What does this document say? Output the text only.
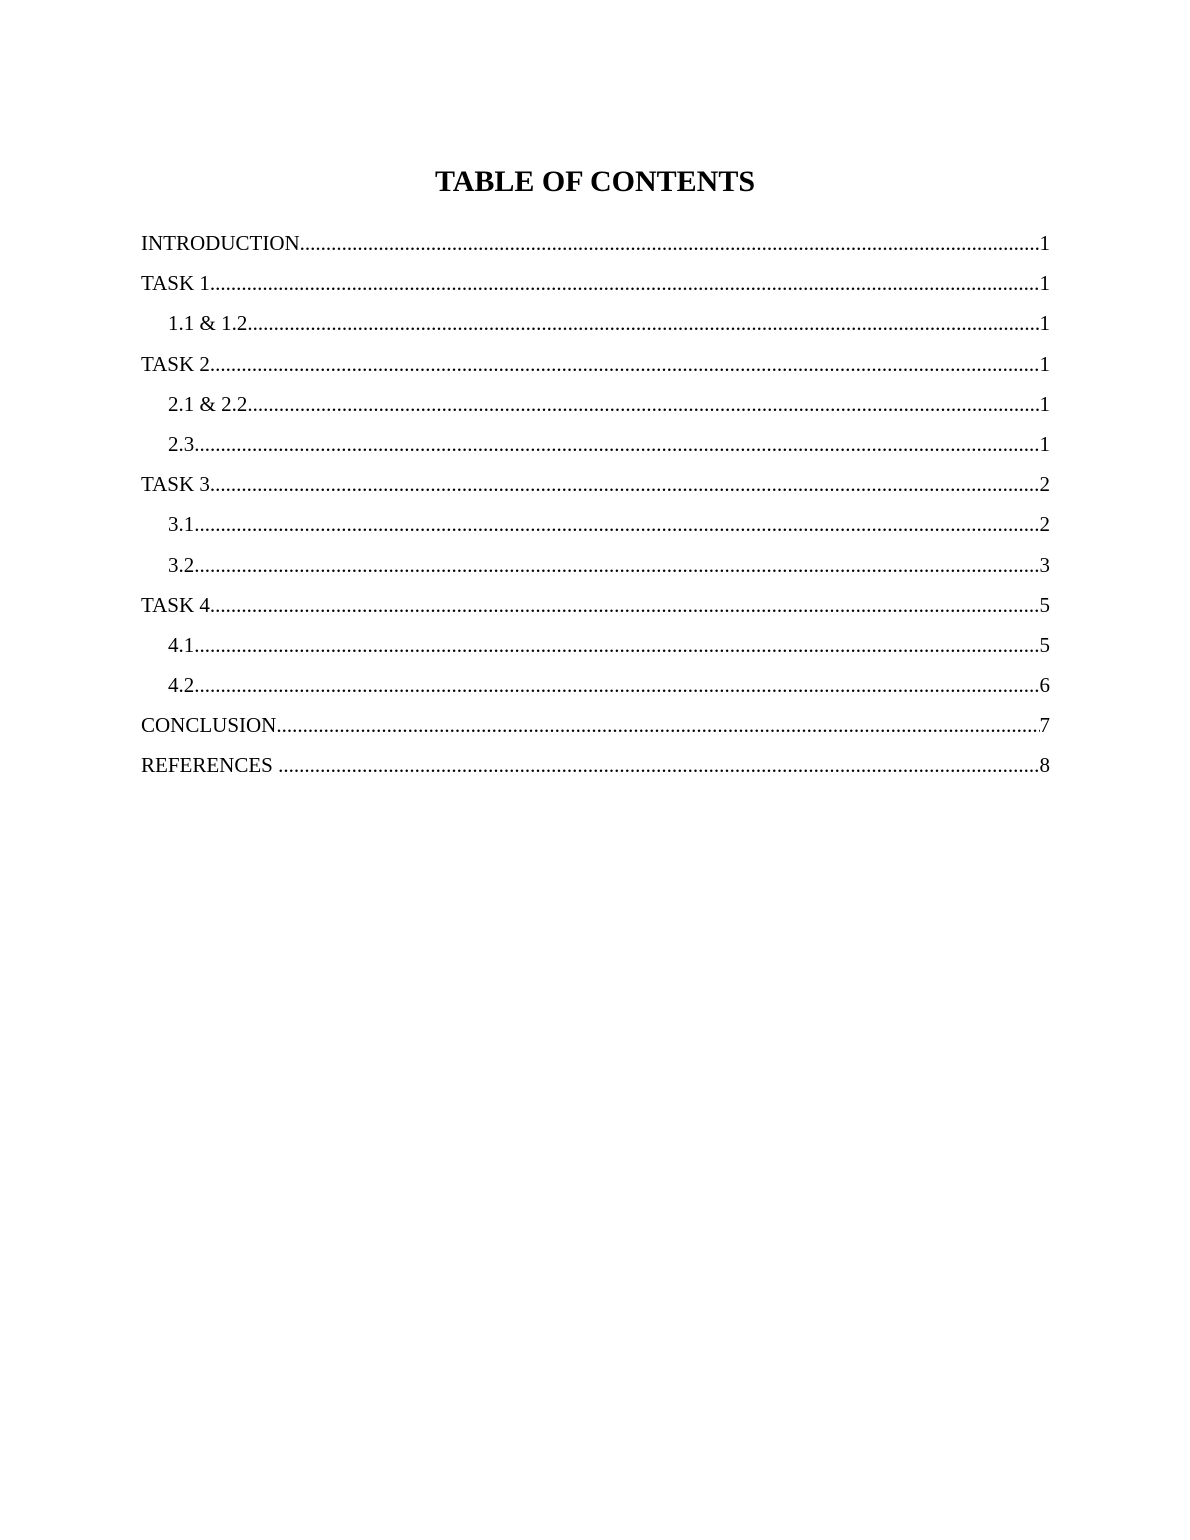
TABLE OF CONTENTS
INTRODUCTION .....	1
TASK 1 .....	1
1.1 & 1.2 .....	1
TASK 2 .....	1
2.1 & 2.2 .....	1
2.3 .....	1
TASK 3 .....	2
3.1 .....	2
3.2 .....	3
TASK 4 .....	5
4.1 .....	5
4.2 .....	6
CONCLUSION .....	7
REFERENCES .....	8
